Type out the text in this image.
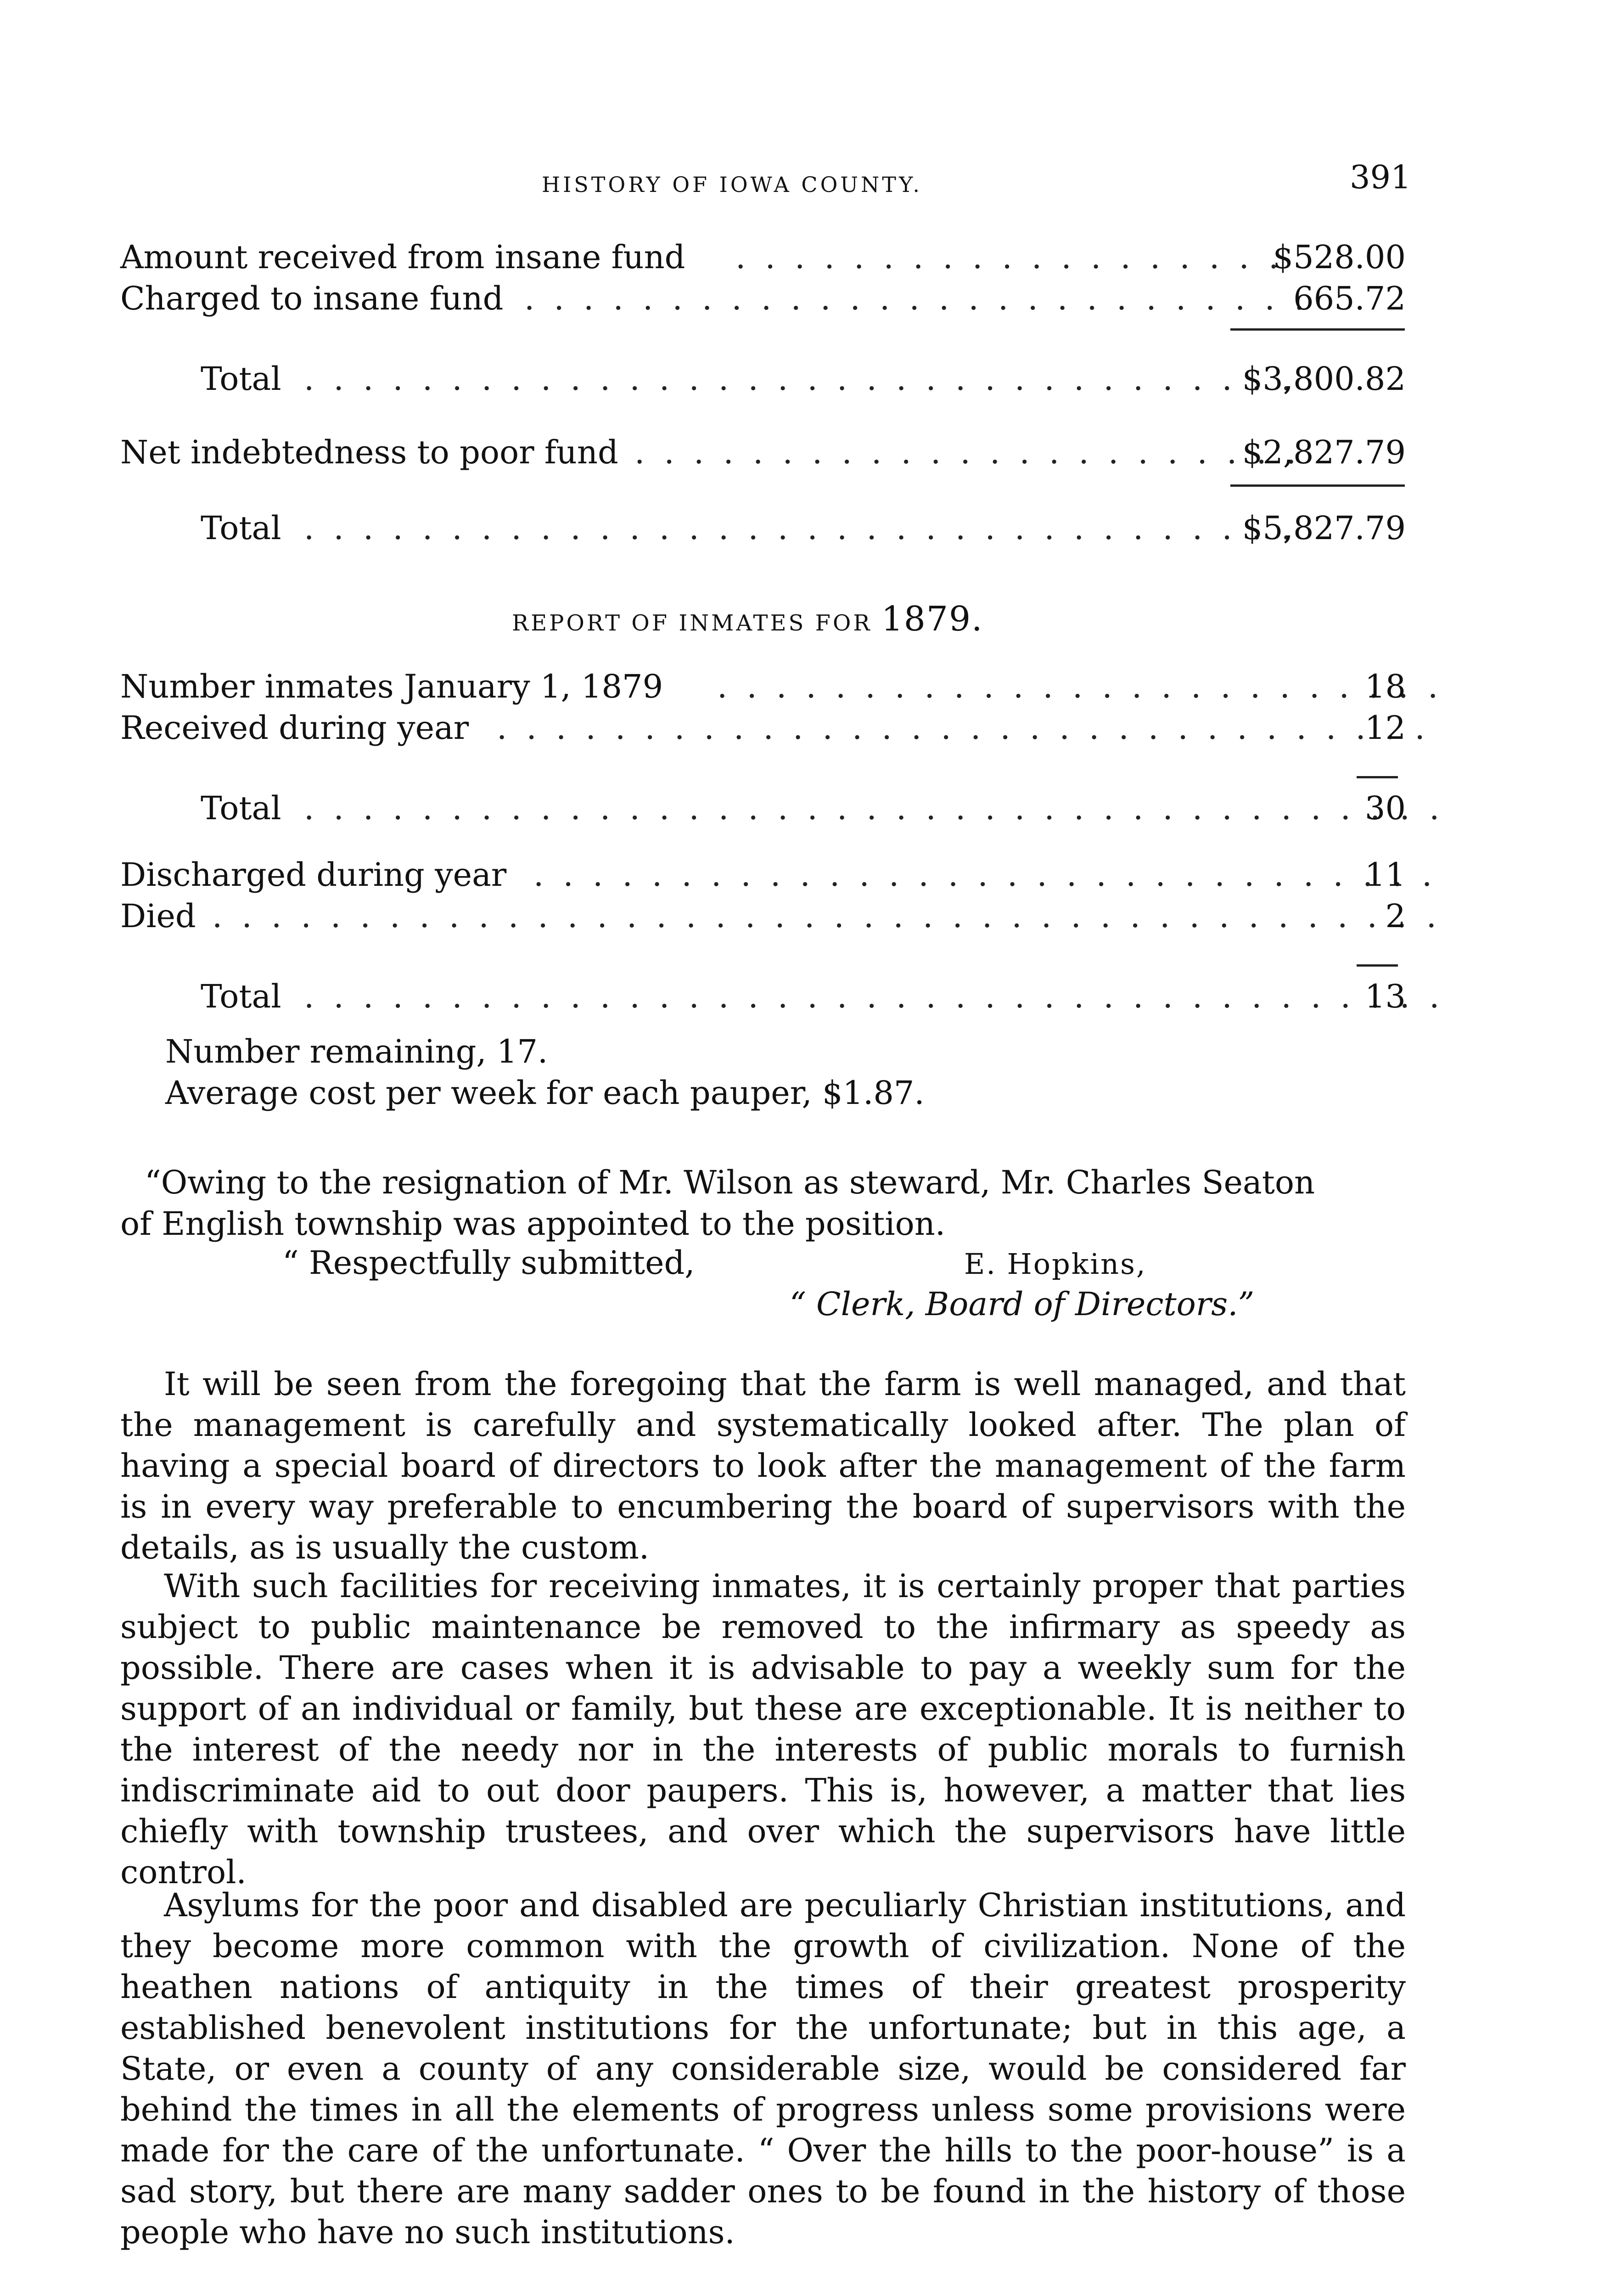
HISTORY OF IOWA COUNTY.	391
Amount received from insane fund . . .	$528.00
Charged to insane fund . . .	665.72
Total . . .	$3,800.82
Net indebtedness to poor fund . . .	$2,827.79
Total . . .	$5,827.79
REPORT OF INMATES FOR 1879.
Number inmates January 1, 1879 . . .	18
Received during year . . .	12
Total . . .	30
Discharged during year . . .	11
Died . . .	2
Total . . .	13
Number remaining, 17.
Average cost per week for each pauper, $1.87.
“Owing to the resignation of Mr. Wilson as steward, Mr. Charles Seaton
of English township was appointed to the position.
“ Respectfully submitted,	E. Hopkins,
“ Clerk, Board of Directors.”

It will be seen from the foregoing that the farm is well managed, and that the management is carefully and systematically looked after. The plan of having a special board of directors to look after the management of the farm is in every way preferable to encumbering the board of supervisors with the details, as is usually the custom.

With such facilities for receiving inmates, it is certainly proper that parties subject to public maintenance be removed to the infirmary as speedy as possible. There are cases when it is advisable to pay a weekly sum for the support of an individual or family, but these are exceptionable. It is neither to the interest of the needy nor in the interests of public morals to furnish indiscriminate aid to out door paupers. This is, however, a matter that lies chiefly with township trustees, and over which the supervisors have little control.

Asylums for the poor and disabled are peculiarly Christian institutions, and they become more common with the growth of civilization. None of the heathen nations of antiquity in the times of their greatest prosperity established benevolent institutions for the unfortunate; but in this age, a State, or even a county of any considerable size, would be considered far behind the times in all the elements of progress unless some provisions were made for the care of the unfortunate. “ Over the hills to the poor-house” is a sad story, but there are many sadder ones to be found in the history of those people who have no such institutions.
